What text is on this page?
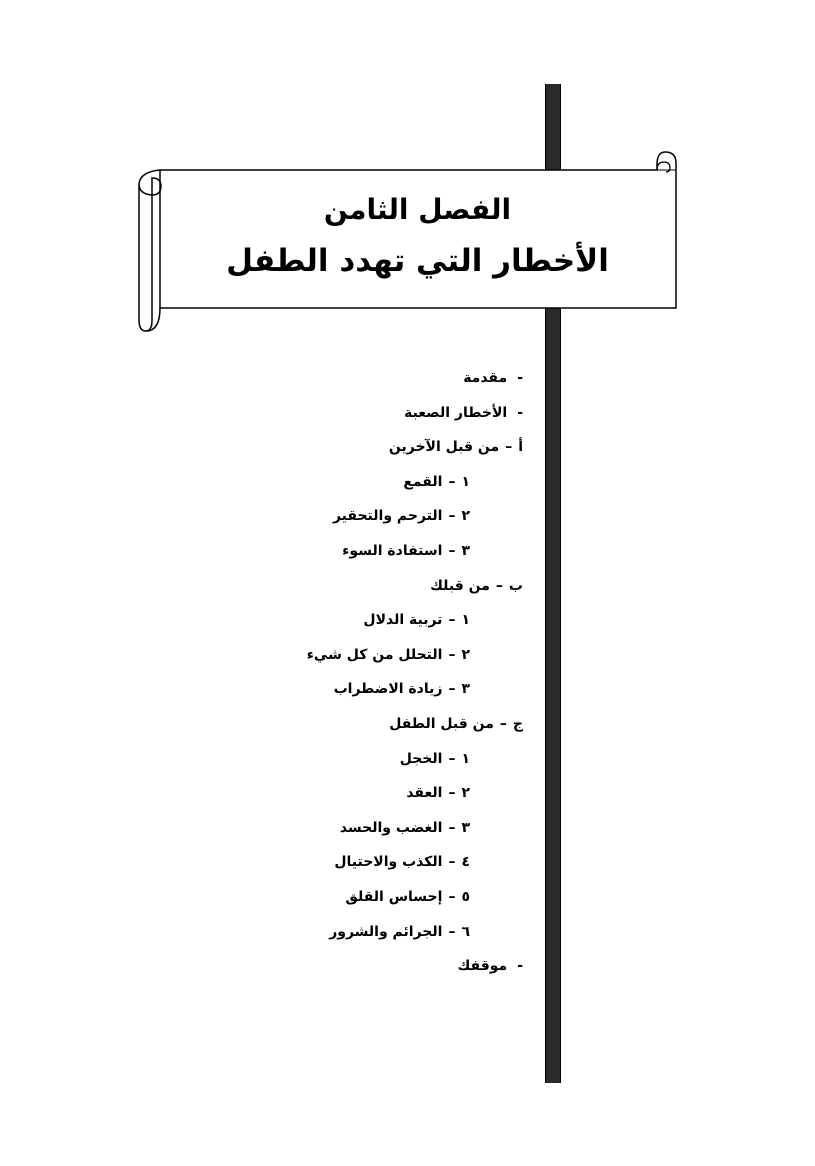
الفصل الثامن
الأخطار التي تهدد الطفل
-مقدمة
-الأخطار الصعبة
أ–من قبل الآخرين
١–القمع
٢–الترحم والتحقير
٣–استفادة السوء
ب–من قبلك
١–تربية الدلال
٢–التحلل من كل شيء
٣–زيادة الاضطراب
ج–من قبل الطفل
١–الخجل
٢–العقد
٣–الغضب والحسد
٤–الكذب والاحتيال
٥–إحساس القلق
٦–الجرائم والشرور
-موقفك
